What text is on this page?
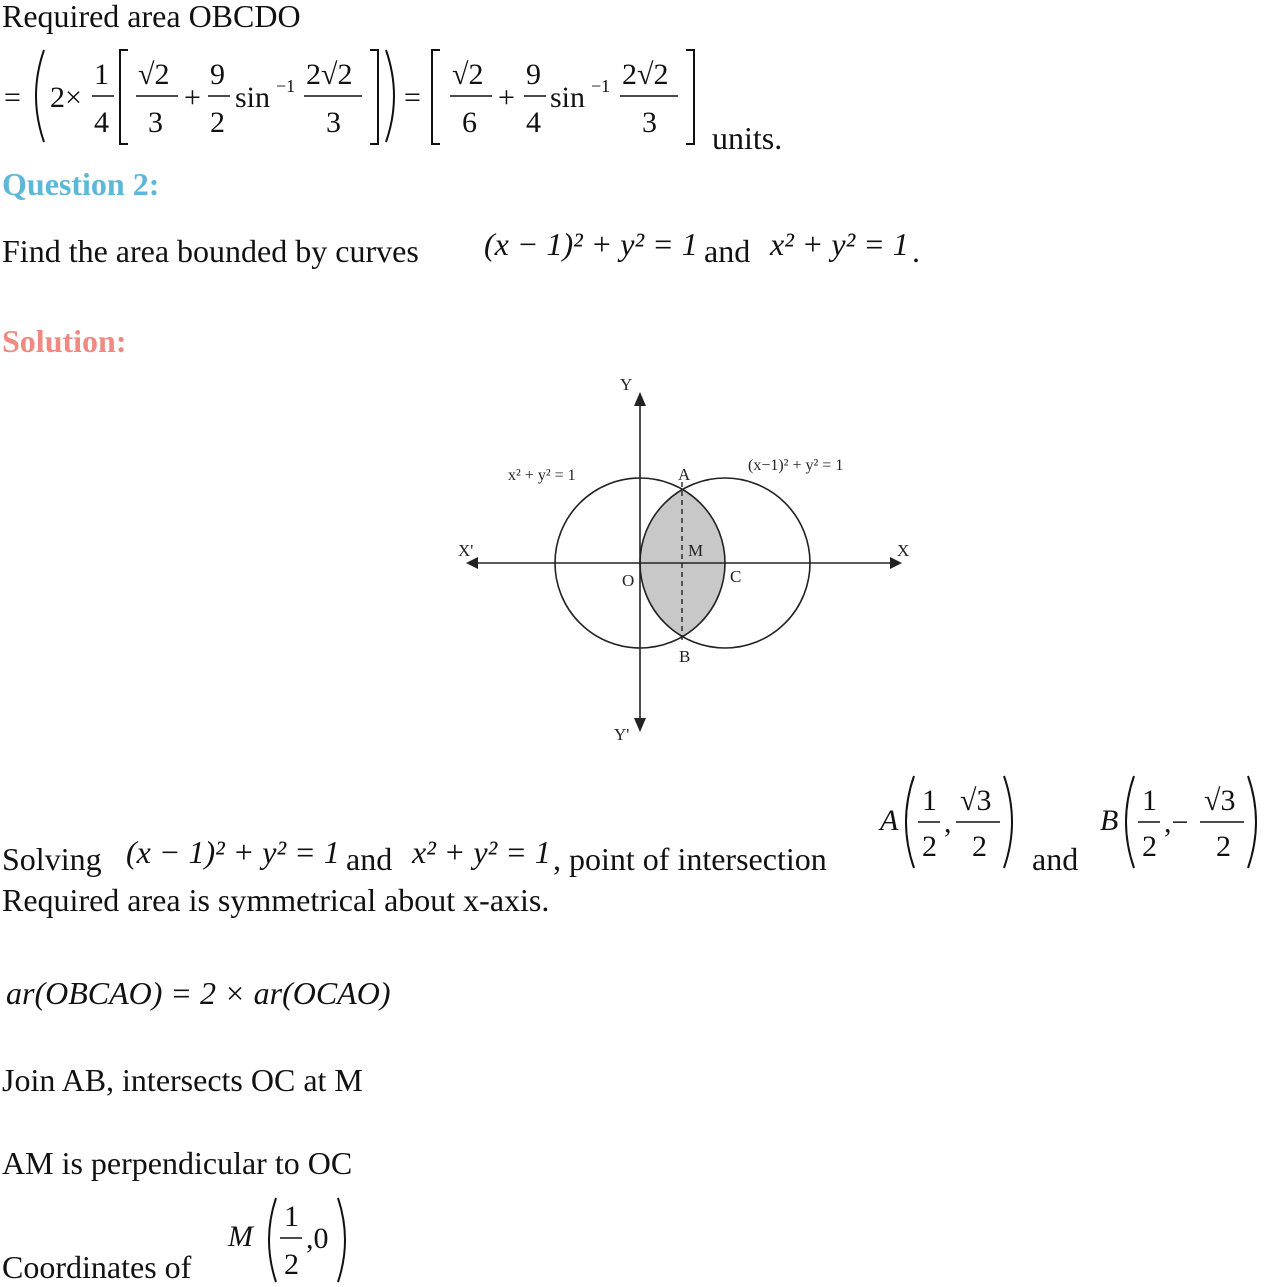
Required area OBCDO
= 2×
1
4
√2
3
+
9
2
sin −1 2√2
3
=
√2
6
+
9
4
sin −1 2√2
3 units.
Question 2:
Find the area bounded by curves (x − 1)² + y² = 1 and x² + y² = 1 .
Solution:
Y
Y'
X
X'
x² + y² = 1
(x−1)² + y² = 1
A
B
C
M
O
Solving (x − 1)² + y² = 1 and x² + y² = 1 , point of intersection
A
1
2
,
√3
2 and
B
1
2
,−
√3
2
Required area is symmetrical about x-axis.
ar(OBCAO) = 2 × ar(OCAO)
Join AB, intersects OC at M
AM is perpendicular to OC
Coordinates of
M
1
2
,0
